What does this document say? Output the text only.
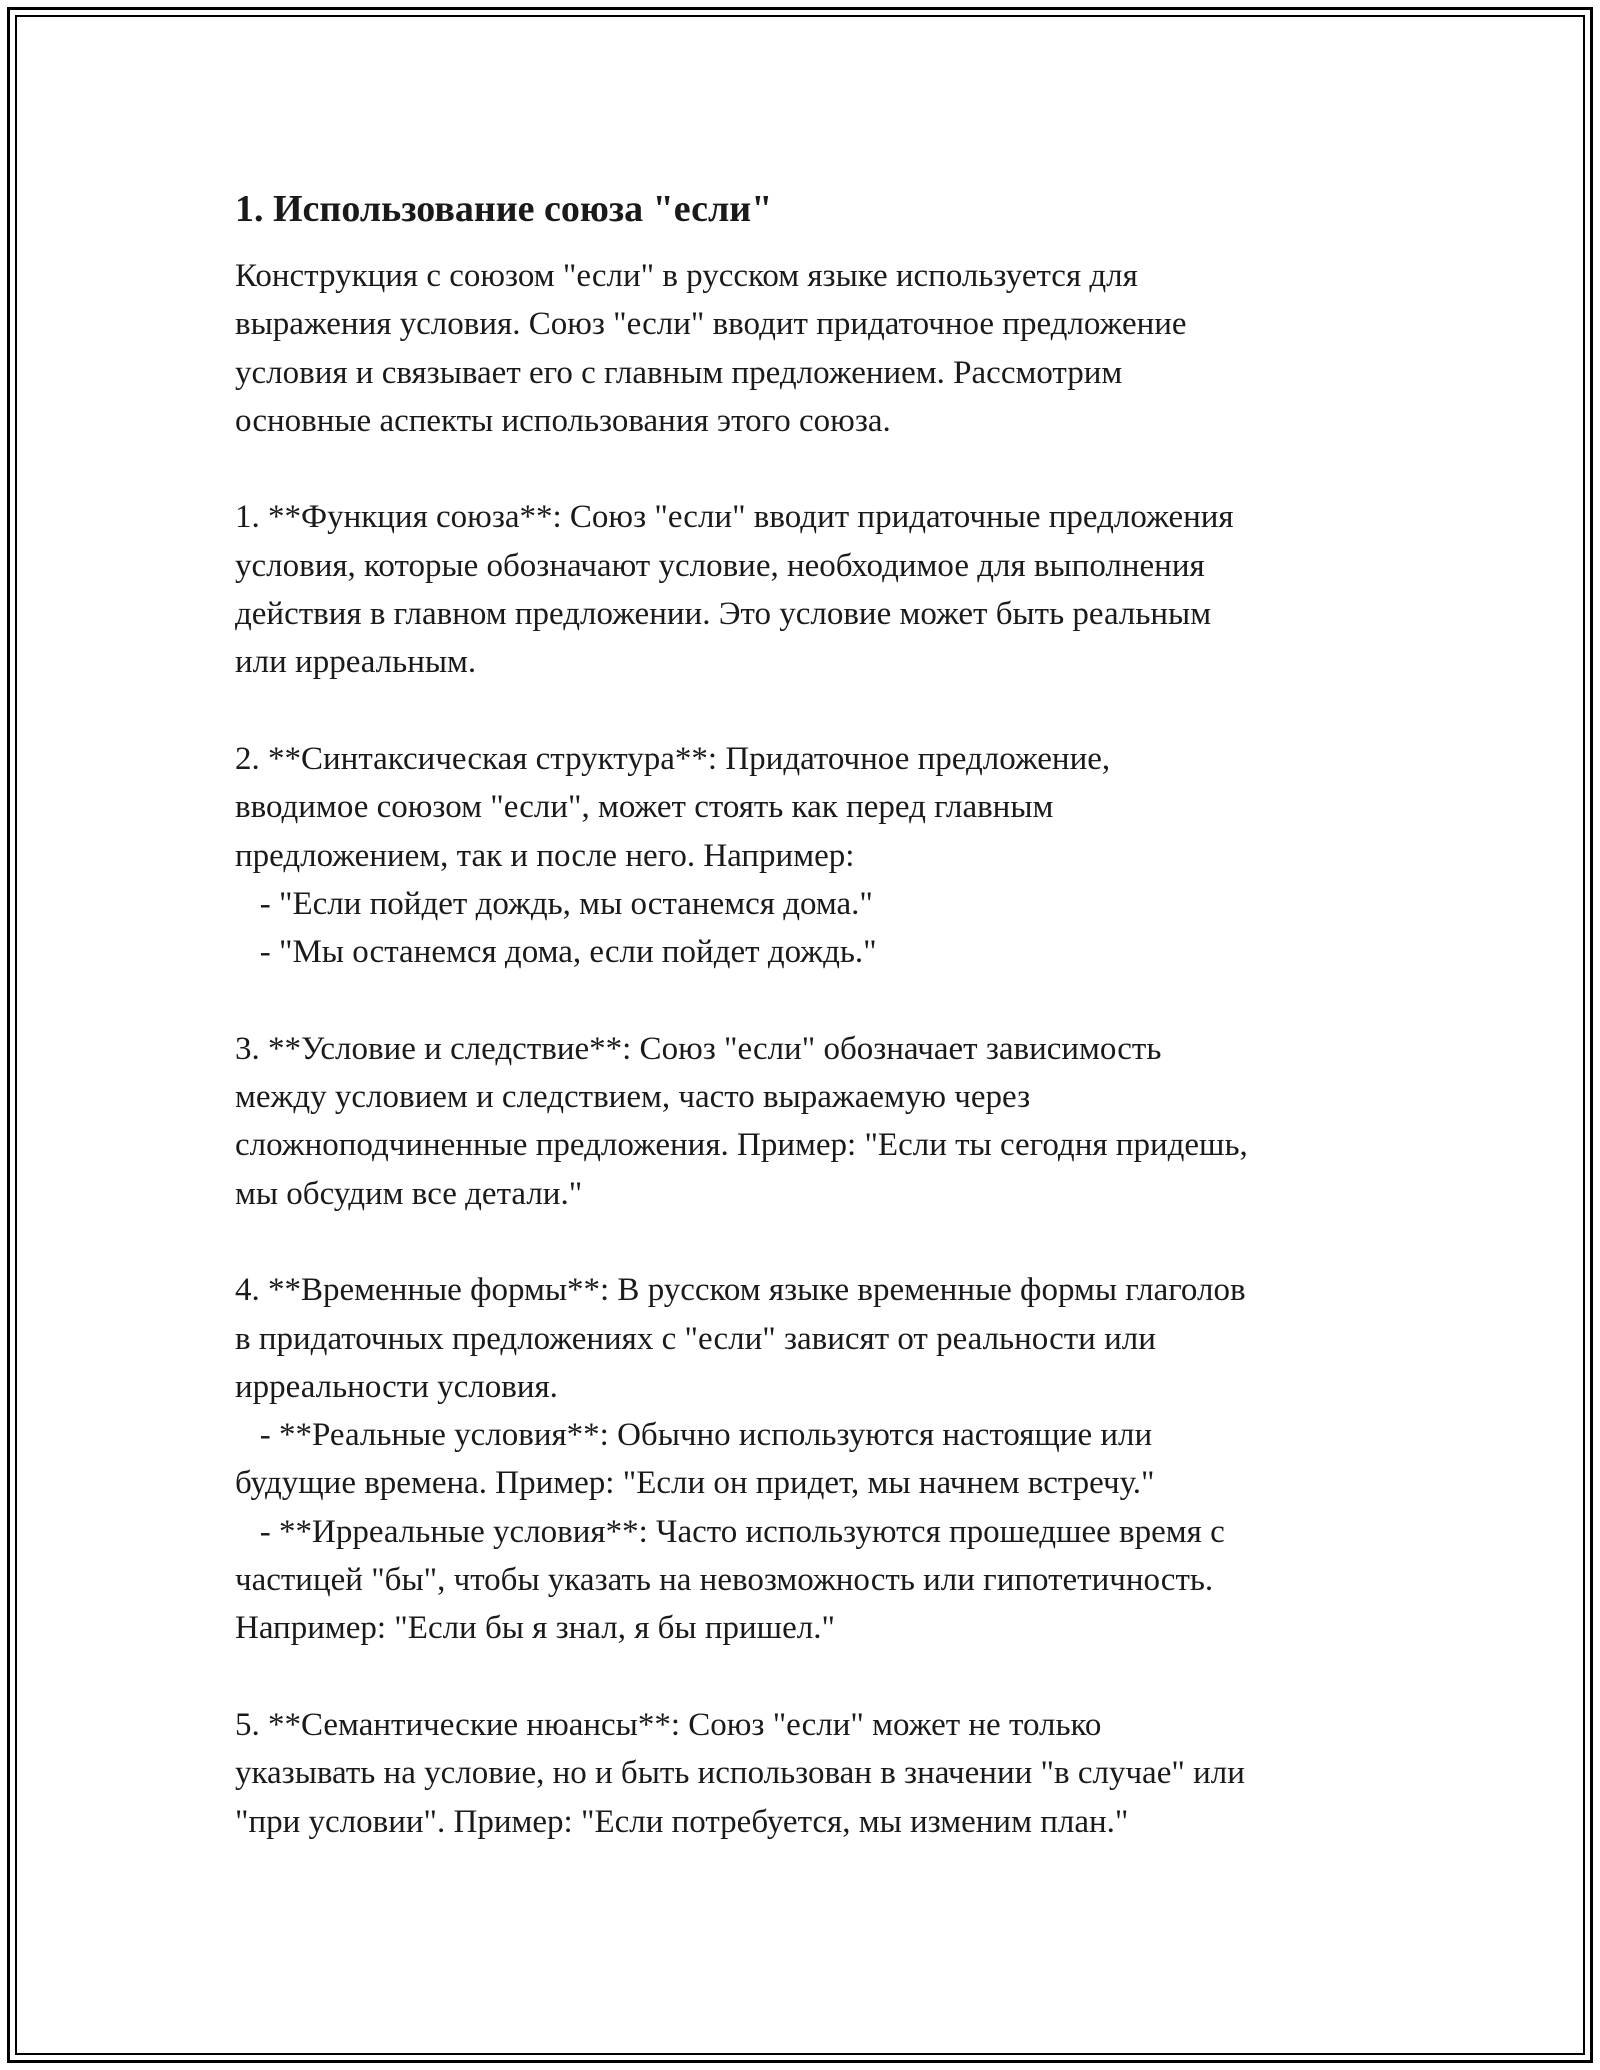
1. Использование союза "если"
Конструкция с союзом "если" в русском языке используется для
выражения условия. Союз "если" вводит придаточное предложение
условия и связывает его с главным предложением. Рассмотрим
основные аспекты использования этого союза.
1. **Функция союза**: Союз "если" вводит придаточные предложения
условия, которые обозначают условие, необходимое для выполнения
действия в главном предложении. Это условие может быть реальным
или ирреальным.
2. **Синтаксическая структура**: Придаточное предложение,
вводимое союзом "если", может стоять как перед главным
предложением, так и после него. Например:
- "Если пойдет дождь, мы останемся дома."
- "Мы останемся дома, если пойдет дождь."
3. **Условие и следствие**: Союз "если" обозначает зависимость
между условием и следствием, часто выражаемую через
сложноподчиненные предложения. Пример: "Если ты сегодня придешь,
мы обсудим все детали."
4. **Временные формы**: В русском языке временные формы глаголов
в придаточных предложениях с "если" зависят от реальности или
ирреальности условия.
- **Реальные условия**: Обычно используются настоящие или
будущие времена. Пример: "Если он придет, мы начнем встречу."
- **Ирреальные условия**: Часто используются прошедшее время с
частицей "бы", чтобы указать на невозможность или гипотетичность.
Например: "Если бы я знал, я бы пришел."
5. **Семантические нюансы**: Союз "если" может не только
указывать на условие, но и быть использован в значении "в случае" или
"при условии". Пример: "Если потребуется, мы изменим план."
